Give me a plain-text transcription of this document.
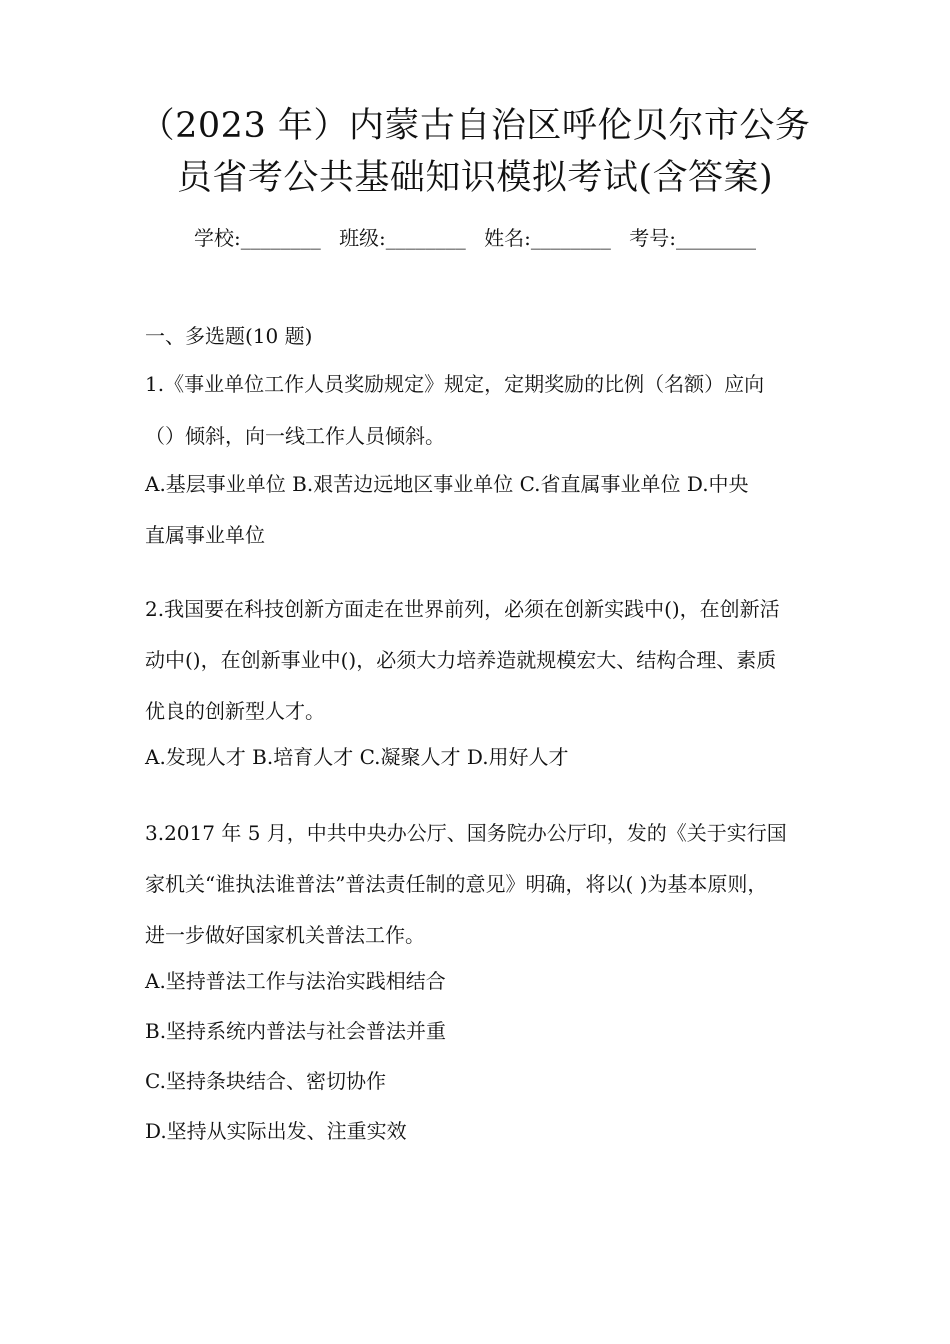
（2023 年）内蒙古自治区呼伦贝尔市公务
员省考公共基础知识模拟考试(含答案)
学校:________ 班级:________ 姓名:________ 考号:________
一、多选题(10 题)
1.《事业单位工作人员奖励规定》规定，定期奖励的比例（名额）应向
（）倾斜，向一线工作人员倾斜。
A.基层事业单位 B.艰苦边远地区事业单位 C.省直属事业单位 D.中央
直属事业单位
2.我国要在科技创新方面走在世界前列，必须在创新实践中()，在创新活
动中()，在创新事业中()，必须大力培养造就规模宏大、结构合理、素质
优良的创新型人才。
A.发现人才 B.培育人才 C.凝聚人才 D.用好人才
3.2017 年 5 月，中共中央办公厅、国务院办公厅印，发的《关于实行国
家机关“谁执法谁普法”普法责任制的意见》明确，将以( )为基本原则，
进一步做好国家机关普法工作。
A.坚持普法工作与法治实践相结合
B.坚持系统内普法与社会普法并重
C.坚持条块结合、密切协作
D.坚持从实际出发、注重实效
